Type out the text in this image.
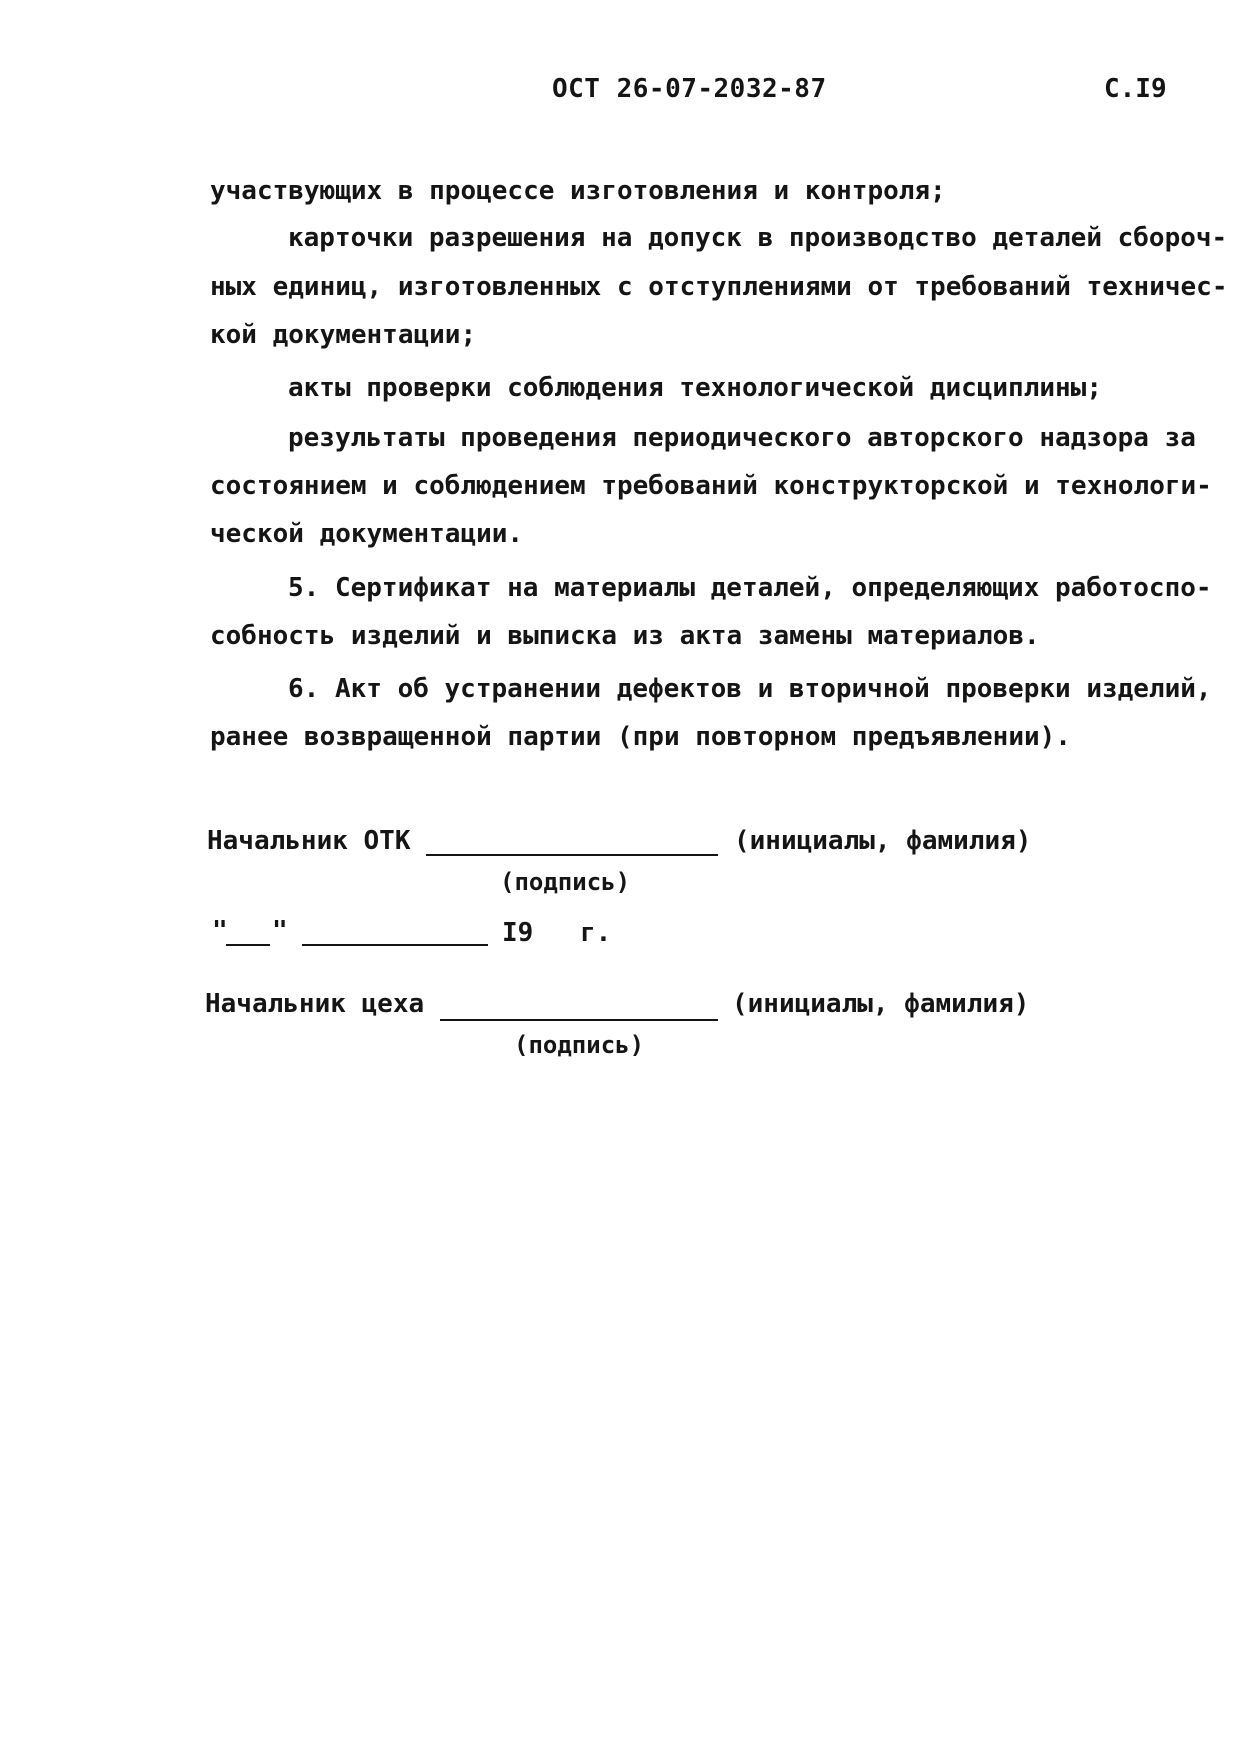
ОСТ 26-07-2032-87	С.I9
участвующих в процессе изготовления и контроля;
карточки разрешения на допуск в производство деталей сбороч-
ных единиц, изготовленных с отступлениями от требований техничес-
кой документации;
акты проверки соблюдения технологической дисциплины;
результаты проведения периодического авторского надзора за
состоянием и соблюдением требований конструкторской и технологи-
ческой документации.
5. Сертификат на материалы деталей, определяющих работоспо-
собность изделий и выписка из акта замены материалов.
6. Акт об устранении дефектов и вторичной проверки изделий,
ранее возвращенной партии (при повторном предъявлении).
Начальник ОТК	(инициалы, фамилия)
(подпись)
" "	I9 г.
Начальник цеха	(инициалы, фамилия)
(подпись)
